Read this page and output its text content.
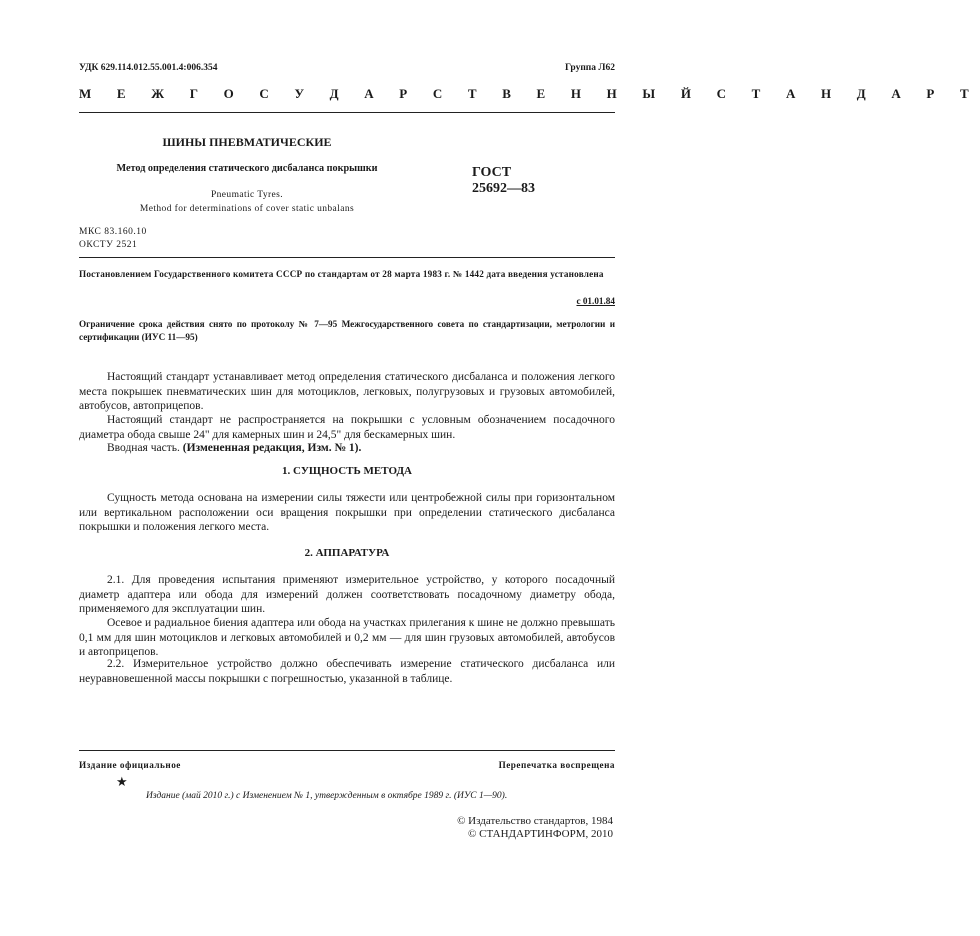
УДК 629.114.012.55.001.4:006.354	Группа Л62
М Е Ж Г О С У Д А Р С Т В Е Н Н Ы Й С Т А Н Д А Р Т
ШИНЫ ПНЕВМАТИЧЕСКИЕ
Метод определения статического дисбаланса покрышки
Pneumatic Tyres.
Method for determinations of cover static unbalans
ГОСТ
25692—83
МКС 83.160.10
ОКСТУ 2521
Постановлением Государственного комитета СССР по стандартам от 28 марта 1983 г. № 1442 дата введения установлена
с 01.01.84
Ограничение срока действия снято по протоколу № 7—95 Межгосударственного совета по стандартизации, метрологии и сертификации (ИУС 11—95)
Настоящий стандарт устанавливает метод определения статического дисбаланса и положения легкого места покрышек пневматических шин для мотоциклов, легковых, полугрузовых и грузовых автомобилей, автобусов, автоприцепов.
Настоящий стандарт не распространяется на покрышки с условным обозначением посадочного диаметра обода свыше 24" для камерных шин и 24,5" для бескамерных шин.
Вводная часть. (Измененная редакция, Изм. № 1).
1. СУЩНОСТЬ МЕТОДА
Сущность метода основана на измерении силы тяжести или центробежной силы при горизонтальном или вертикальном расположении оси вращения покрышки при определении статического дисбаланса покрышки и положения легкого места.
2. АППАРАТУРА
2.1. Для проведения испытания применяют измерительное устройство, у которого посадочный диаметр адаптера или обода для измерений должен соответствовать посадочному диаметру обода, применяемого для эксплуатации шин.
Осевое и радиальное биения адаптера или обода на участках прилегания к шине не должно превышать 0,1 мм для шин мотоциклов и легковых автомобилей и 0,2 мм — для шин грузовых автомобилей, автобусов и автоприцепов.
2.2. Измерительное устройство должно обеспечивать измерение статического дисбаланса или неуравновешенной массы покрышки с погрешностью, указанной в таблице.
Издание официальное	Перепечатка воспрещена
★
Издание (май 2010 г.) с Изменением № 1, утвержденным в октябре 1989 г. (ИУС 1—90).
© Издательство стандартов, 1984
© СТАНДАРТИНФОРМ, 2010
